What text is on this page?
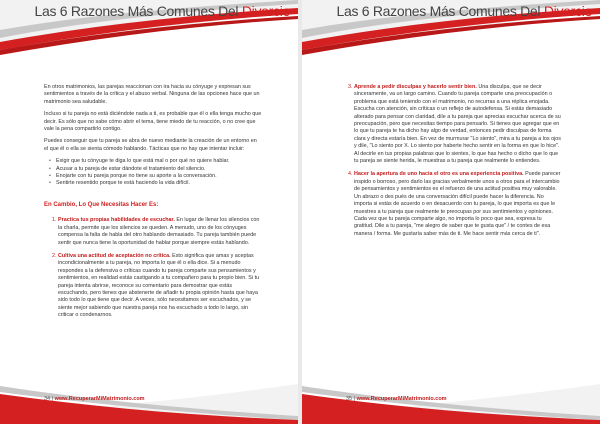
Las 6 Razones Más Comunes Del Divorcio

En otros matrimonios, las parejas reaccionan con ira hacia su cónyuge y expresan sus sentimientos a través de la crítica y el abuso verbal. Ninguna de las opciones hace que un matrimonio sea saludable.

Incluso si tu pareja no está diciéndote nada a ti, es probable que él o ella tenga mucho que decir. Es sólo que no sabe cómo abrir el tema, tiene miedo de tu reacción, o no cree que vale la pena compartirlo contigo.

Puedes conseguir que tu pareja se abra de nuevo mediante la creación de un entorno en el que él o ella se sienta cómodo hablando. Tácticas que no hay que intentar incluir:

• Exigir que tu cónyuge te diga lo que está mal o por qué no quiere hablar.
• Acusar a tu pareja de estar dándote el tratamiento del silencio.
• Enojarte con tu pareja porque no tiene su aporte a la conversación.
• Sentirte resentido porque te está haciendo la vida difícil.
En Cambio, Lo Que Necesitas Hacer Es:
1. Practica tus propias habilidades de escuchar. En lugar de llenar los silencios con la charla, permite que los silencios se queden. A menudo, uno de los cónyuges compensa la falta de habla del otro hablando demasiado. Tu pareja también puede sentir que nunca tiene la oportunidad de hablar porque siempre estás hablando.
2. Cultiva una actitud de aceptación no crítica. Esto significa que amas y aceptas incondicionalmente a tu pareja, no importa lo que él o ella dice. Si a menudo respondes a la defensiva o críticas cuando tu pareja comparte sus pensamientos y sentimientos, en realidad estás castigando a tu compañero para tu propio bien. Si tu pareja intenta abrirse, reconoce su comentario para demostrar que estás escuchando, pero tienes que abstenerte de añadir tu propia opinión hasta que haya sido todo lo que tiene que decir. A veces, sólo necesitamos ser escuchados, y se siente mejor sabiendo que nuestra pareja nos ha escuchado a todo lo largo, sin criticar o condenarnos.
34 | www.RecuperarMiMatrimonio.com
Las 6 Razones Más Comunes Del Divorcio
3. Aprende a pedir disculpas y hacerlo sentir bien. Una disculpa, que se decir sinceramente, va un largo camino. Cuando tu pareja comparte una preocupación o problema que está teniendo con el matrimonio, no recurras a una réplica enojada. Escucha con atención, sin críticas o un reflejo de autodefensa. Si estás demasiado alterado para pensar con claridad, dile a tu pareja que aprecias escuchar acerca de su preocupación, pero que necesitas tiempo para pensarlo. Si tienes que agregar que en lo que tu pareja te ha dicho hay algo de verdad, entonces pedir disculpas de forma clara y directa estaría bien. En vez de murmurar "Lo siento", mira a tu pareja a los ojos y dile, "Lo siento por X. Lo siento por haberte hecho sentir en la forma en que lo hice". Al decirle en tus propias palabras que lo sientes, lo que has hecho o dicho que lo que tu pareja se siente herida, le muestras a tu pareja que realmente lo entiendes.
4. Hacer la apertura de uno hacia el otro es una experiencia positiva. Puede parecer inspido o borroso, pero darlo las gracias verbalmente unos a otros para el intercambio de pensamientos y sentimientos es el refuerzo de una actitud positiva muy valorable. Un abrazo o des pués de una conversación difícil puede hacer la diferencia. No importa si estás de acuerdo o en desacuerdo con tu pareja, lo que importa es que le muestres a tu pareja que realmente te preocupas por sus sentimientos y opiniones. Cada vez que tu pareja comparte algo, no importa lo poco que sea, expresa tu gratitud. Dile a tu pareja, "me alegro de saber que te gusta que" / te contes de esa manera / forma. Me gustaría saber más de ti. Me hace sentir más cerca de ti".
35 | www.RecuperarMiMatrimonio.com
